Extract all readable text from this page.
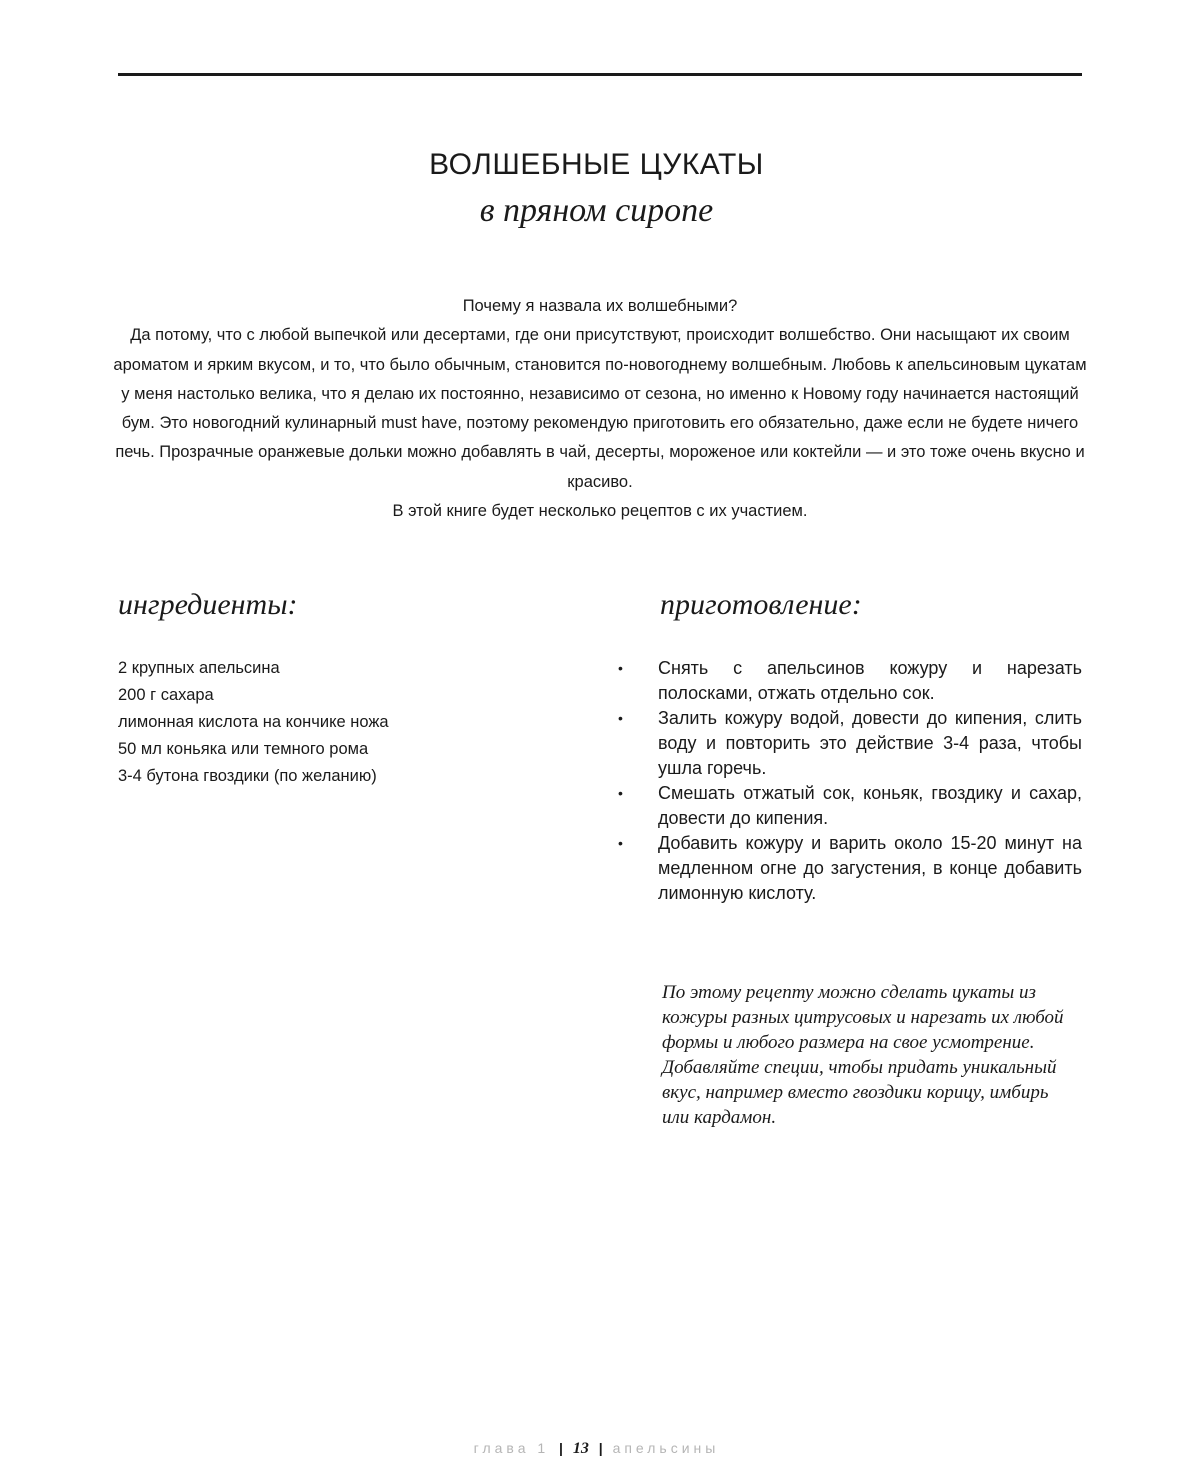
ВОЛШЕБНЫЕ ЦУКАТЫ
в пряном сиропе

Почему я назвала их волшебными?

Да потому, что с любой выпечкой или десертами, где они присутствуют, происходит волшебство. Они насыщают их своим ароматом и ярким вкусом, и то, что было обычным, становится по-новогоднему волшебным. Любовь к апельсиновым цукатам у меня настолько велика, что я делаю их постоянно, независимо от сезона, но именно к Новому году начинается настоящий бум. Это новогодний кулинарный must have, поэтому рекомендую приготовить его обязательно, даже если не будете ничего печь. Прозрачные оранжевые дольки можно добавлять в чай, десерты, мороженое или коктейли — и это тоже очень вкусно и красиво.

В этой книге будет несколько рецептов с их участием.

ингредиенты:	приготовление:
2 крупных апельсина
200 г сахара
лимонная кислота на кончике ножа
50 мл коньяка или темного рома
3-4 бутона гвоздики (по желанию)
•	Снять с апельсинов кожуру и нарезать полосками, отжать отдельно сок.
•	Залить кожуру водой, довести до кипения, слить воду и повторить это действие 3-4 раза, чтобы ушла горечь.
•	Смешать отжатый сок, коньяк, гвоздику и сахар, довести до кипения.
•	Добавить кожуру и варить около 15-20 минут на медленном огне до загустения, в конце добавить лимонную кислоту.
По этому рецепту можно сделать цукаты из кожуры разных цитрусовых и нарезать их любой формы и любого размера на свое усмотрение. Добавляйте специи, чтобы придать уникальный вкус, например вместо гвоздики корицу, имбирь или кардамон.
глава 1 | 13 | апельсины
